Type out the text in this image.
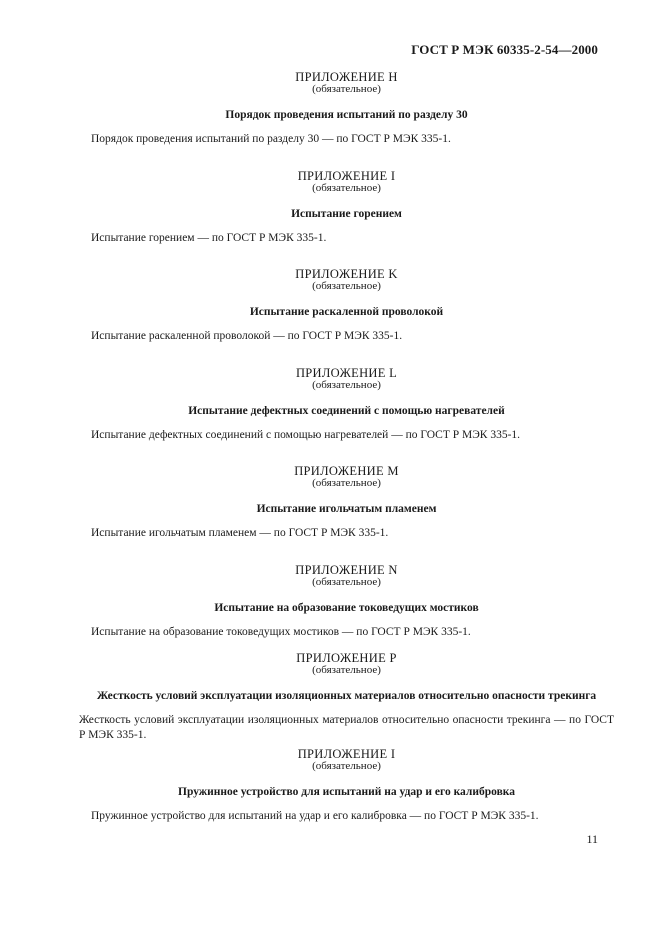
ГОСТ Р МЭК 60335-2-54—2000
ПРИЛОЖЕНИЕ H
(обязательное)
Порядок проведения испытаний по разделу 30
Порядок проведения испытаний по разделу 30 — по ГОСТ Р МЭК 335-1.
ПРИЛОЖЕНИЕ I
(обязательное)
Испытание горением
Испытание горением — по ГОСТ Р МЭК 335-1.
ПРИЛОЖЕНИЕ K
(обязательное)
Испытание раскаленной проволокой
Испытание раскаленной проволокой — по ГОСТ Р МЭК 335-1.
ПРИЛОЖЕНИЕ L
(обязательное)
Испытание дефектных соединений с помощью нагревателей
Испытание дефектных соединений с помощью нагревателей — по ГОСТ Р МЭК 335-1.
ПРИЛОЖЕНИЕ M
(обязательное)
Испытание игольчатым пламенем
Испытание игольчатым пламенем — по ГОСТ Р МЭК 335-1.
ПРИЛОЖЕНИЕ N
(обязательное)
Испытание на образование токоведущих мостиков
Испытание на образование токоведущих мостиков — по ГОСТ Р МЭК 335-1.
ПРИЛОЖЕНИЕ P
(обязательное)
Жесткость условий эксплуатации изоляционных материалов относительно опасности трекинга
Жесткость условий эксплуатации изоляционных материалов относительно опасности трекинга — по ГОСТ Р МЭК 335-1.
ПРИЛОЖЕНИЕ I
(обязательное)
Пружинное устройство для испытаний на удар и его калибровка
Пружинное устройство для испытаний на удар и его калибровка — по ГОСТ Р МЭК 335-1.
11
